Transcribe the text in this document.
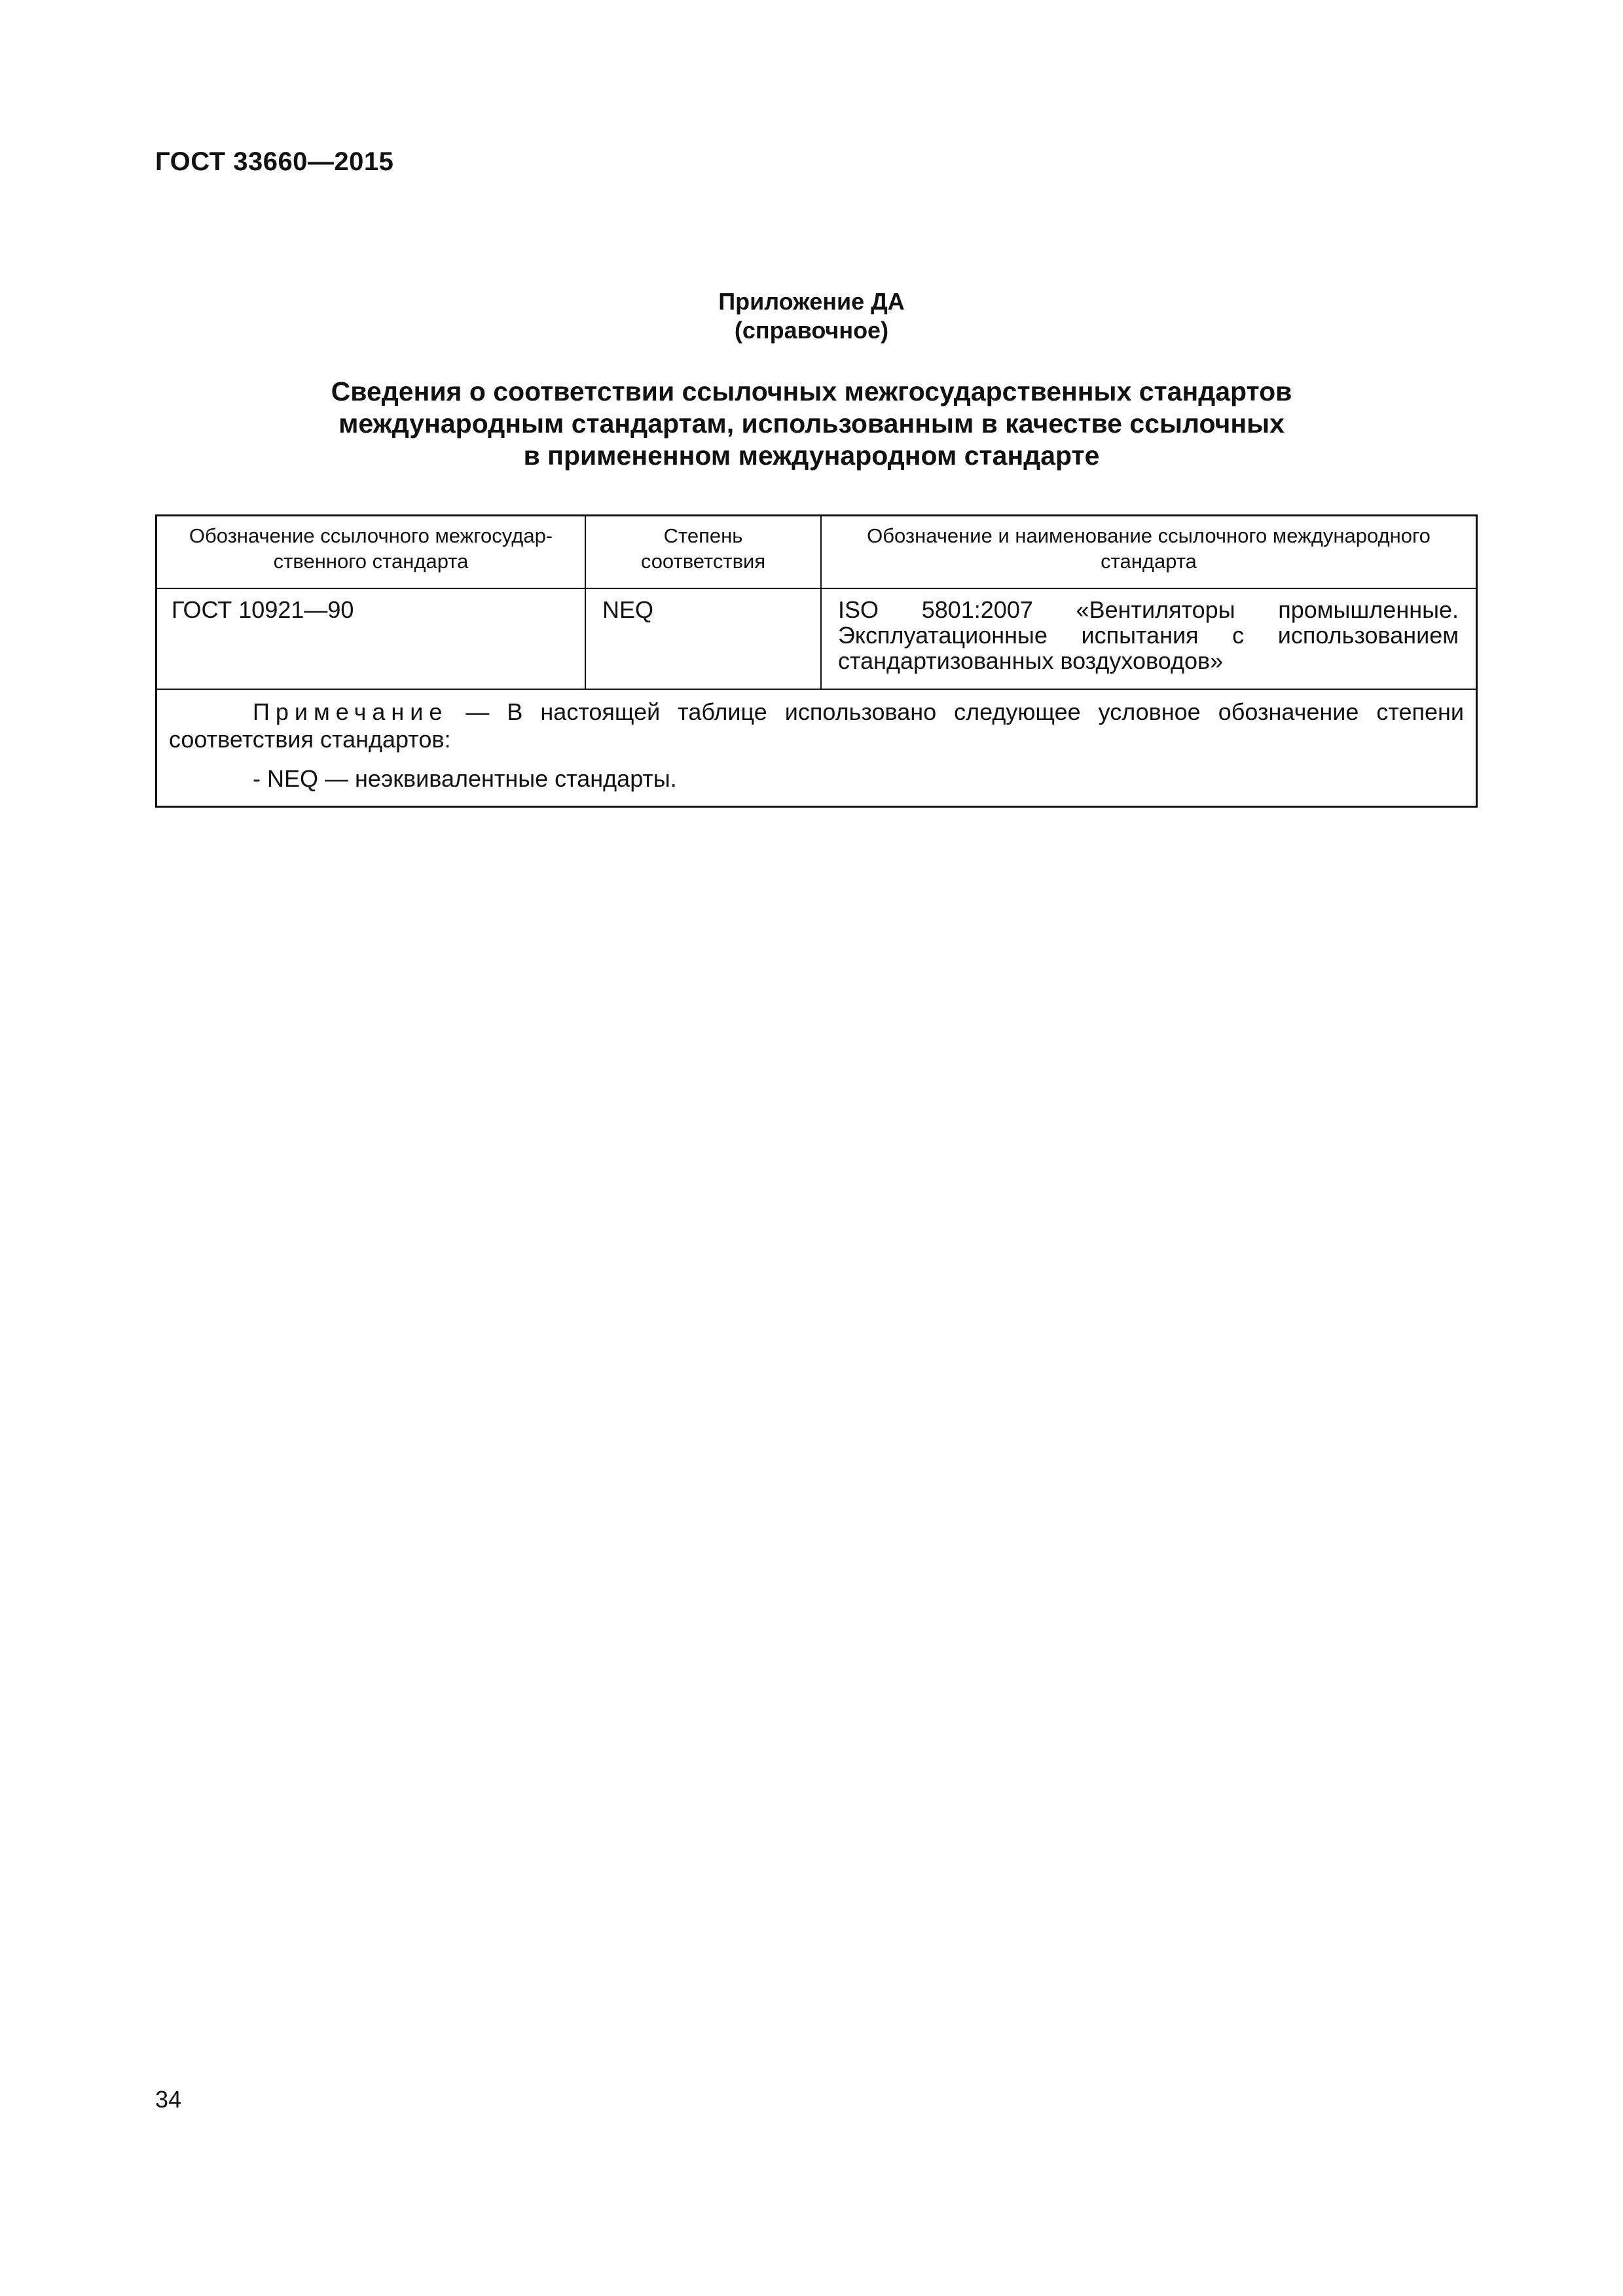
ГОСТ 33660—2015
Приложение ДА
(справочное)
Сведения о соответствии ссылочных межгосударственных стандартов
международным стандартам, использованным в качестве ссылочных
в примененном международном стандарте
Обозначение ссылочного межгосудар-
ственного стандарта
Степень
соответствия
Обозначение и наименование ссылочного международного
стандарта
ГОСТ 10921—90	NEQ	ISO 5801:2007 «Вентиляторы промышленные. Эксплуатационные испытания с использованием стандартизованных воздуховодов»
Примечание — В настоящей таблице использовано следующее условное обозначение степени соответствия стандартов:
- NEQ — неэквивалентные стандарты.
34
